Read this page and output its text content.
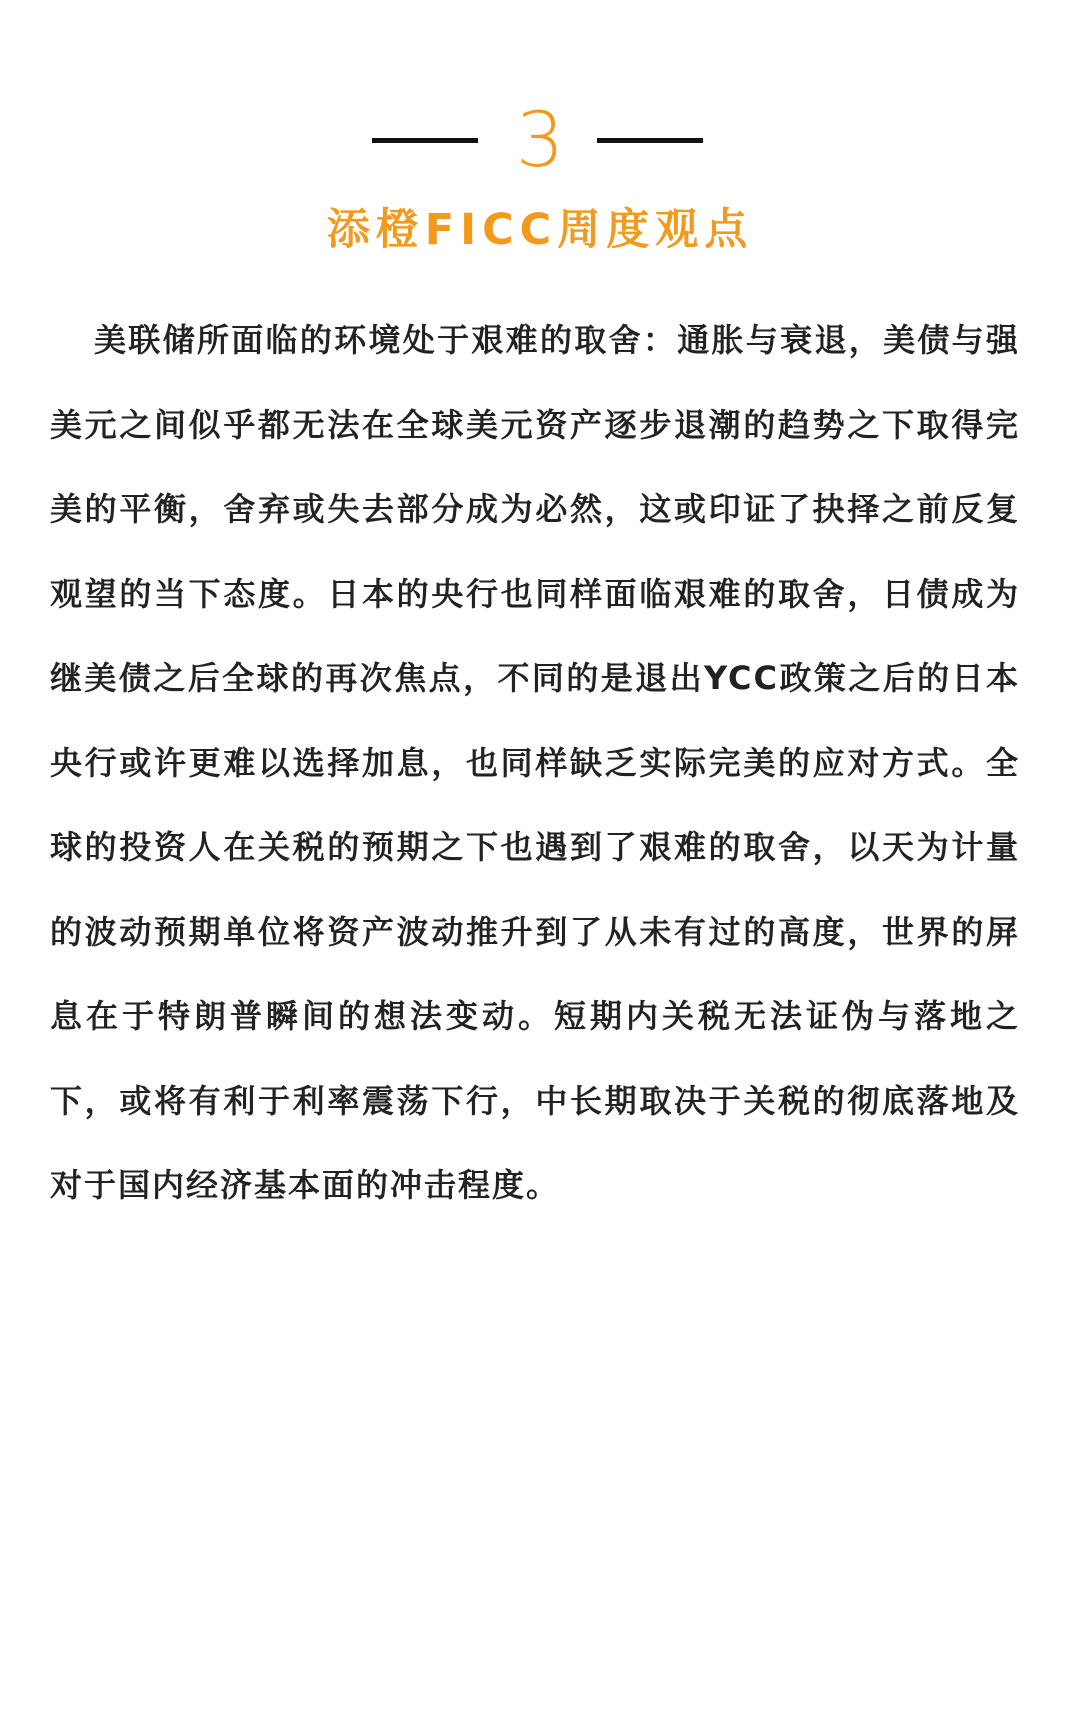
3
添橙FICC周度观点

美联储所面临的环境处于艰难的取舍：通胀与衰退，美债与强美元之间似乎都无法在全球美元资产逐步退潮的趋势之下取得完美的平衡，舍弃或失去部分成为必然，这或印证了抉择之前反复观望的当下态度。日本的央行也同样面临艰难的取舍，日债成为继美债之后全球的再次焦点，不同的是退出YCC政策之后的日本央行或许更难以选择加息，也同样缺乏实际完美的应对方式。全球的投资人在关税的预期之下也遇到了艰难的取舍，以天为计量的波动预期单位将资产波动推升到了从未有过的高度，世界的屏息在于特朗普瞬间的想法变动。短期内关税无法证伪与落地之下，或将有利于利率震荡下行，中长期取决于关税的彻底落地及对于国内经济基本面的冲击程度。
